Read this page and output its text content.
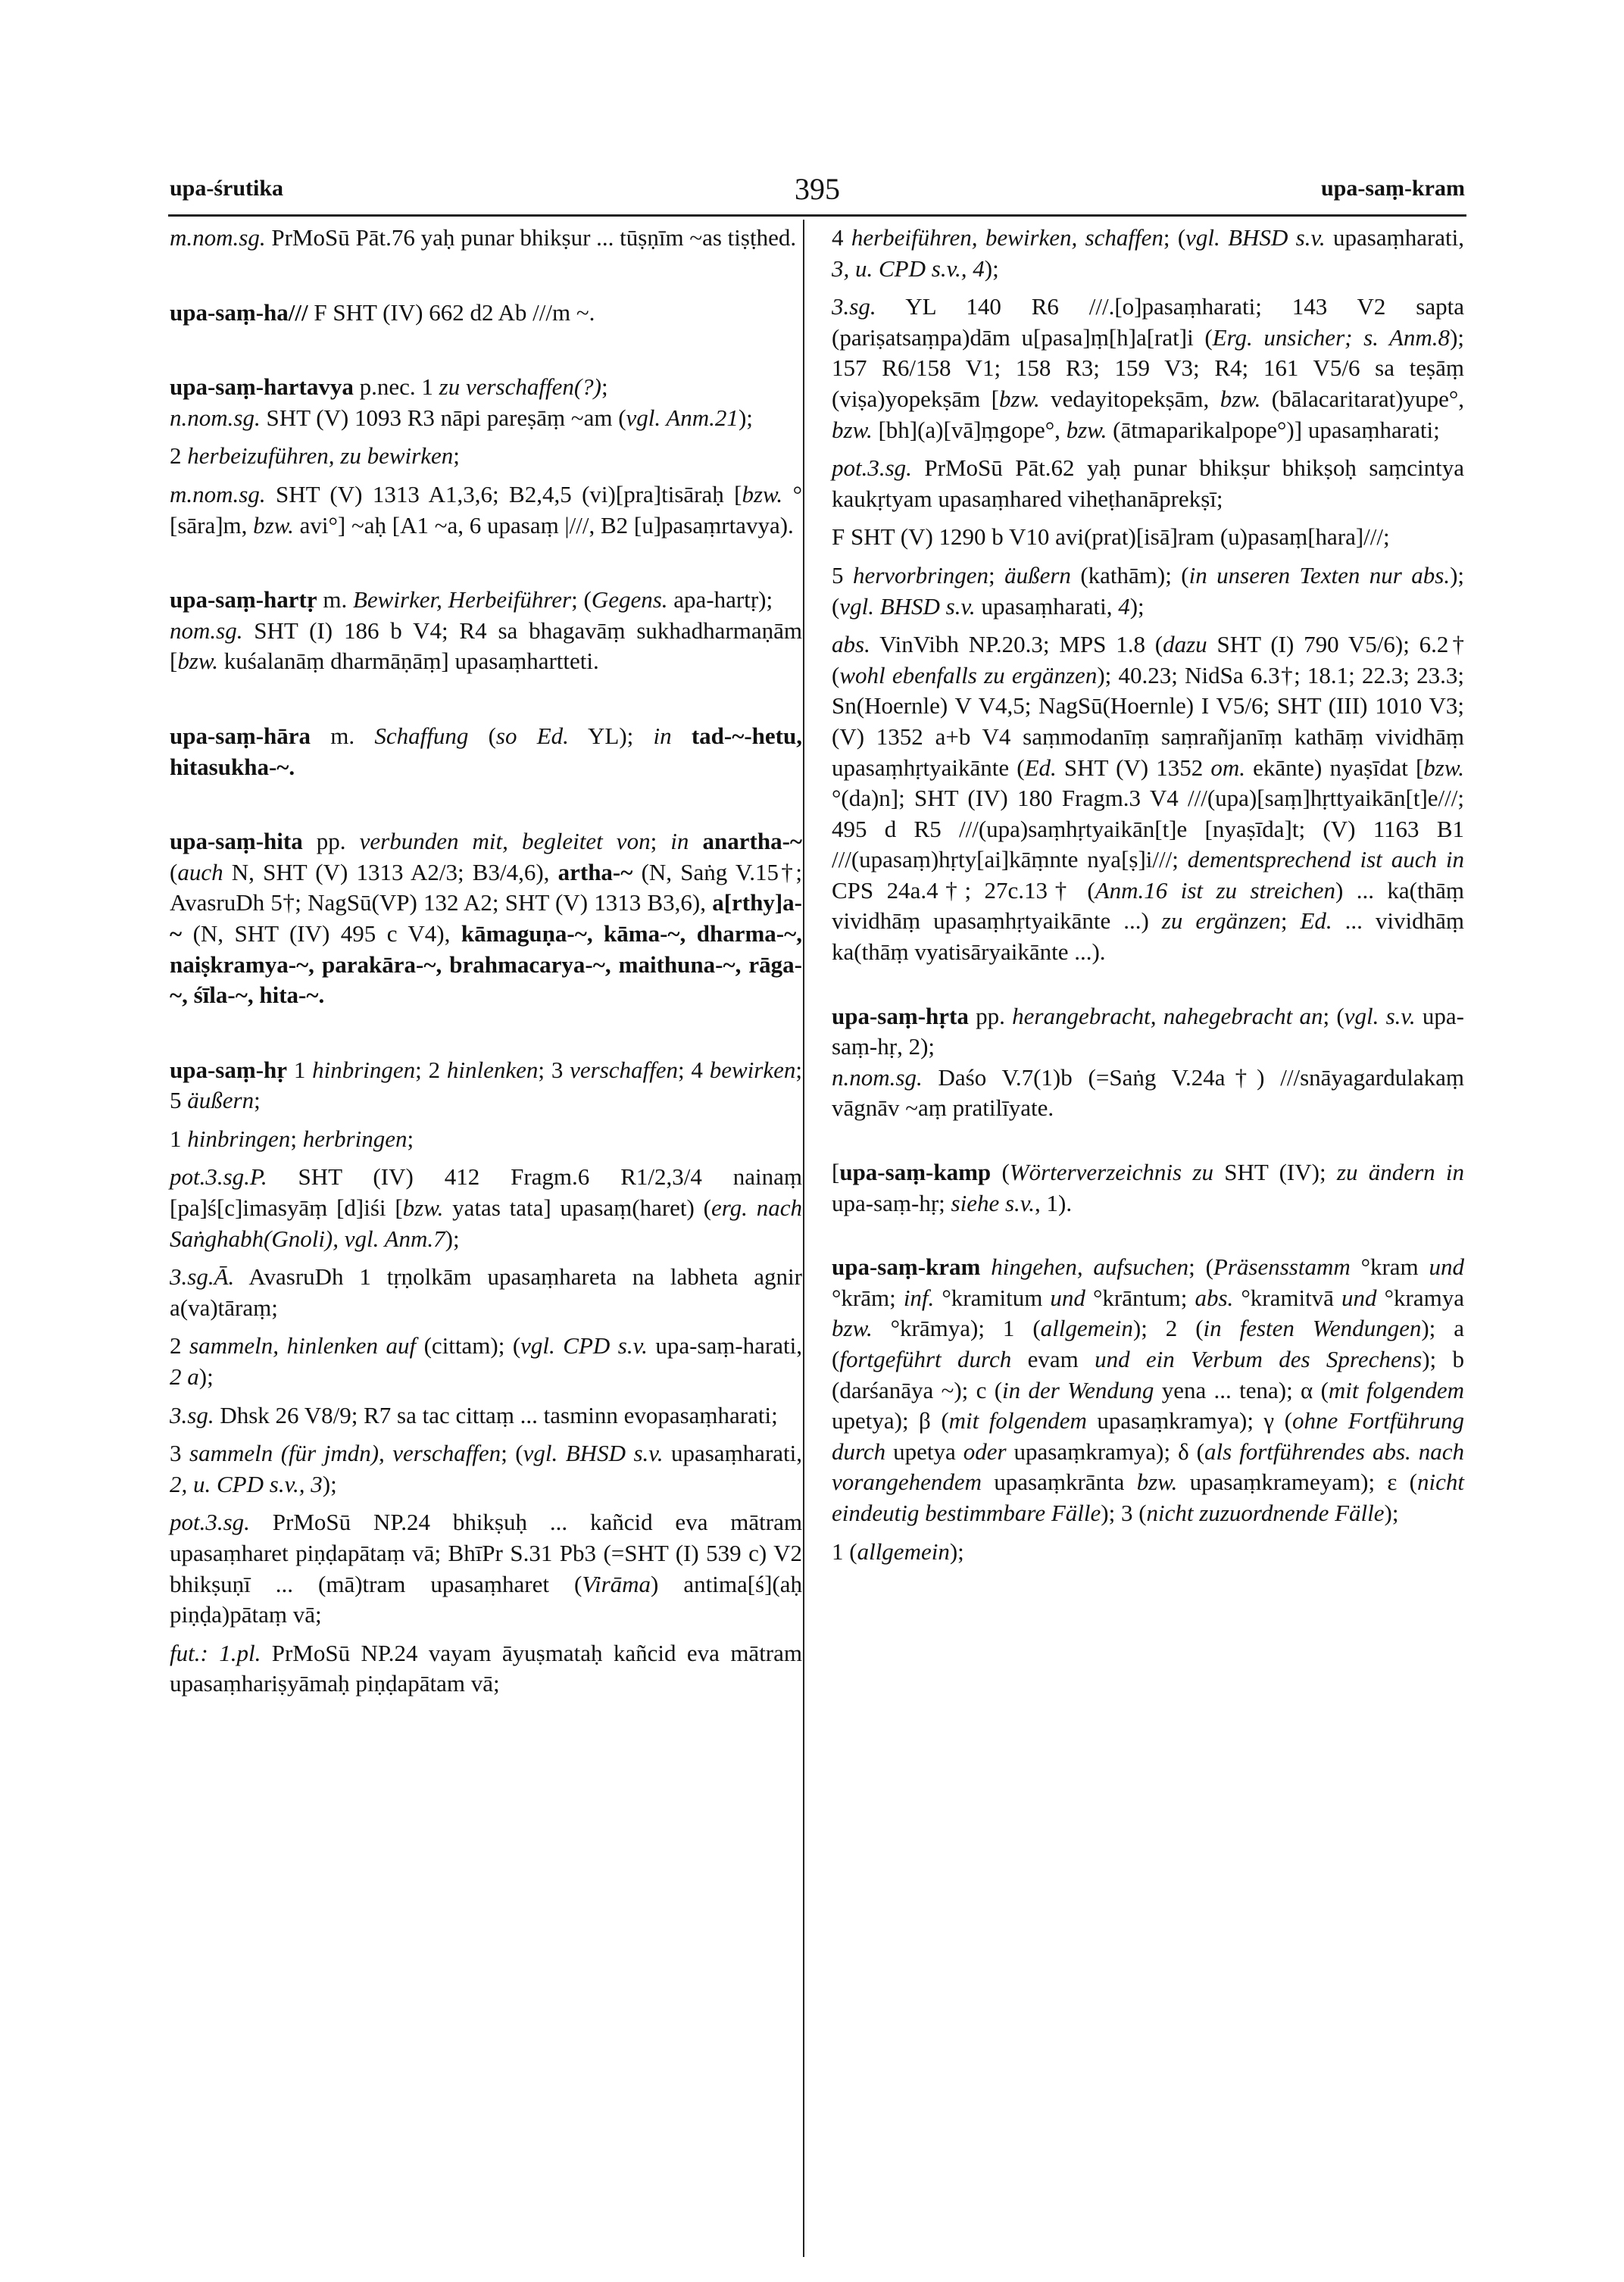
upa-śrutika	395	upa-saṃ-kram

m.nom.sg. PrMoSū Pāt.76 yaḥ punar bhikṣur ... tūṣṇīm ~as tiṣṭhed.

upa-saṃ-ha/// F SHT (IV) 662 d2 Ab ///m ~.

upa-saṃ-hartavya p.nec. 1 zu verschaffen(?);

n.nom.sg. SHT (V) 1093 R3 nāpi pareṣāṃ ~am (vgl. Anm.21);

2 herbeizuführen, zu bewirken;

m.nom.sg. SHT (V) 1313 A1,3,6; B2,4,5 (vi)[pra]tisāraḥ [bzw. °[sāra]m, bzw. avi°] ~aḥ [A1 ~a, 6 upasaṃ |///, B2 [u]pasaṃrtavya).

upa-saṃ-hartṛ m. Bewirker, Herbeiführer; (Gegens. apa-hartṛ);

nom.sg. SHT (I) 186 b V4; R4 sa bhagavāṃ sukhadharmaṇām [bzw. kuśalanāṃ dharmāṇāṃ] upasaṃhartteti.

upa-saṃ-hāra m. Schaffung (so Ed. YL); in tad-~-hetu, hitasukha-~.

upa-saṃ-hita pp. verbunden mit, begleitet von; in anartha-~ (auch N, SHT (V) 1313 A2/3; B3/4,6), artha-~ (N, Saṅg V.15†; AvasruDh 5†; NagSū(VP) 132 A2; SHT (V) 1313 B3,6), a[rthy]a-~ (N, SHT (IV) 495 c V4), kāmaguṇa-~, kāma-~, dharma-~, naiṣkramya-~, parakāra-~, brahmacarya-~, maithuna-~, rāga-~, śīla-~, hita-~.

upa-saṃ-hṛ 1 hinbringen; 2 hinlenken; 3 verschaffen; 4 bewirken; 5 äußern;

1 hinbringen; herbringen;

pot.3.sg.P. SHT (IV) 412 Fragm.6 R1/2,3/4 nainaṃ [pa]ś[c]imasyāṃ [d]iśi [bzw. yatas tata] upasaṃ(haret) (erg. nach Saṅghabh(Gnoli), vgl. Anm.7);

3.sg.Ā. AvasruDh 1 tṛṇolkām upasaṃhareta na labheta agnir a(va)tāraṃ;

2 sammeln, hinlenken auf (cittam); (vgl. CPD s.v. upa-saṃ-harati, 2 a);

3.sg. Dhsk 26 V8/9; R7 sa tac cittaṃ ... tasminn evopasaṃharati;

3 sammeln (für jmdn), verschaffen; (vgl. BHSD s.v. upasaṃharati, 2, u. CPD s.v., 3);

pot.3.sg. PrMoSū NP.24 bhikṣuḥ ... kañcid eva mātram upasaṃharet piṇḍapātaṃ vā; BhīPr S.31 Pb3 (=SHT (I) 539 c) V2 bhikṣuṇī ... (mā)tram upasaṃharet (Virāma) antima[ś](aḥ piṇḍa)pātaṃ vā;

fut.: 1.pl. PrMoSū NP.24 vayam āyuṣmataḥ kañcid eva mātram upasaṃhariṣyāmaḥ piṇḍapātam vā;

4 herbeiführen, bewirken, schaffen; (vgl. BHSD s.v. upasaṃharati, 3, u. CPD s.v., 4);

3.sg. YL 140 R6 ///.[o]pasaṃharati; 143 V2 sapta (pariṣatsaṃpa)dām u[pasa]ṃ[h]a[rat]i (Erg. unsicher; s. Anm.8); 157 R6/158 V1; 158 R3; 159 V3; R4; 161 V5/6 sa teṣāṃ (viṣa)yopekṣām [bzw. vedayitopekṣām, bzw. (bālacaritarat)yupe°, bzw. [bh](a)[vā]ṃgope°, bzw. (ātmaparikalpope°)] upasaṃharati;

pot.3.sg. PrMoSū Pāt.62 yaḥ punar bhikṣur bhikṣoḥ saṃcintya kaukṛtyam upasaṃhared viheṭhanāprekṣī;

F SHT (V) 1290 b V10 avi(prat)[isā]ram (u)pasaṃ[hara]///;

5 hervorbringen; äußern (kathām); (in unseren Texten nur abs.); (vgl. BHSD s.v. upasaṃharati, 4);

abs. VinVibh NP.20.3; MPS 1.8 (dazu SHT (I) 790 V5/6); 6.2† (wohl ebenfalls zu ergänzen); 40.23; NidSa 6.3†; 18.1; 22.3; 23.3; Sn(Hoernle) V V4,5; NagSū(Hoernle) I V5/6; SHT (III) 1010 V3; (V) 1352 a+b V4 saṃmodanīṃ saṃrañjanīṃ kathāṃ vividhāṃ upasaṃhṛtyaikānte (Ed. SHT (V) 1352 om. ekānte) nyaṣīdat [bzw. °(da)n]; SHT (IV) 180 Fragm.3 V4 ///(upa)[saṃ]hṛttyaikān[t]e///; 495 d R5 ///(upa)saṃhṛtyaikān[t]e [nyaṣīda]t; (V) 1163 B1 ///(upasaṃ)hṛty[ai]kāṃnte nya[ṣ]i///; dementsprechend ist auch in CPS 24a.4†; 27c.13† (Anm.16 ist zu streichen) ... ka(thāṃ vividhāṃ upasaṃhṛtyaikānte ...) zu ergänzen; Ed. ... vividhāṃ ka(thāṃ vyatisāryaikānte ...).

upa-saṃ-hṛta pp. herangebracht, nahegebracht an; (vgl. s.v. upa-saṃ-hṛ, 2);

n.nom.sg. Daśo V.7(1)b (=Saṅg V.24a†) ///snāyagardulakaṃ vāgnāv ~aṃ pratilīyate.

[upa-saṃ-kamp (Wörterverzeichnis zu SHT (IV); zu ändern in upa-saṃ-hṛ; siehe s.v., 1).

upa-saṃ-kram hingehen, aufsuchen; (Präsensstamm °kram und °krām; inf. °kramitum und °krāntum; abs. °kramitvā und °kramya bzw. °krāmya); 1 (allgemein); 2 (in festen Wendungen); a (fortgeführt durch evam und ein Verbum des Sprechens); b (darśanāya ~); c (in der Wendung yena ... tena); α (mit folgendem upetya); β (mit folgendem upasaṃkramya); γ (ohne Fortführung durch upetya oder upasaṃkramya); δ (als fortführendes abs. nach vorangehendem upasaṃkrānta bzw. upasaṃkrameyam); ε (nicht eindeutig bestimmbare Fälle); 3 (nicht zuzuordnende Fälle);

1 (allgemein);
